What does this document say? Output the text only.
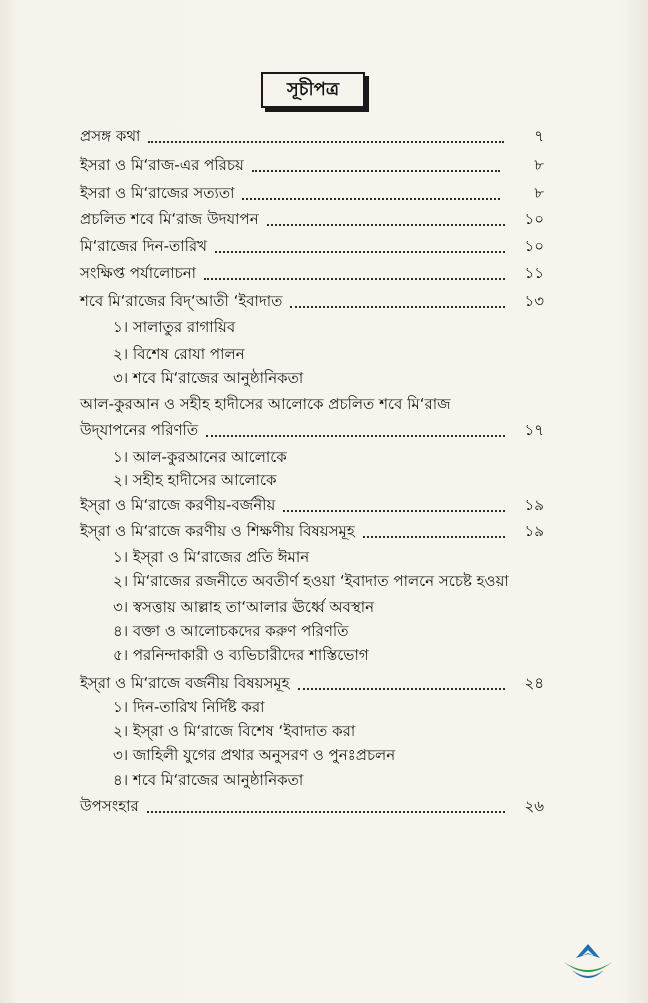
সূচীপত্র
প্রসঙ্গ কথা	৭
ইসরা ও মি‘রাজ-এর পরিচয়	৮
ইসরা ও মি‘রাজের সত্যতা	৮
প্রচলিত শবে মি‘রাজ উদযাপন	১০
মি‘রাজের দিন-তারিখ	১০
সংক্ষিপ্ত পর্যালোচনা	১১
শবে মি‘রাজের বিদ্‘আতী ‘ইবাদাত	১৩
১। সালাতুর রাগায়িব
২। বিশেষ রোযা পালন
৩। শবে মি‘রাজের আনুষ্ঠানিকতা
আল-কুরআন ও সহীহ হাদীসের আলোকে প্রচলিত শবে মি‘রাজ
উদ্‌যাপনের পরিণতি	১৭
১। আল-কুরআনের আলোকে
২। সহীহ হাদীসের আলোকে
ইস্‌রা ও মি‘রাজে করণীয়-বর্জনীয়	১৯
ইস্‌রা ও মি‘রাজে করণীয় ও শিক্ষণীয় বিষয়সমূহ	১৯
১। ইস্‌রা ও মি‘রাজের প্রতি ঈমান
২। মি‘রাজের রজনীতে অবতীর্ণ হওয়া ‘ইবাদাত পালনে সচেষ্ট হওয়া
৩। স্বসত্তায় আল্লাহ তা‘আলার ঊর্ধ্বে অবস্থান
৪। বক্তা ও আলোচকদের করুণ পরিণতি
৫। পরনিন্দাকারী ও ব্যভিচারীদের শাস্তিভোগ
ইস্‌রা ও মি‘রাজে বর্জনীয় বিষয়সমূহ	২৪
১। দিন-তারিখ নির্দিষ্ট করা
২। ইস্‌রা ও মি‘রাজে বিশেষ ‘ইবাদাত করা
৩। জাহিলী যুগের প্রথার অনুসরণ ও পুনঃপ্রচলন
৪। শবে মি‘রাজের আনুষ্ঠানিকতা
উপসংহার	২৬
